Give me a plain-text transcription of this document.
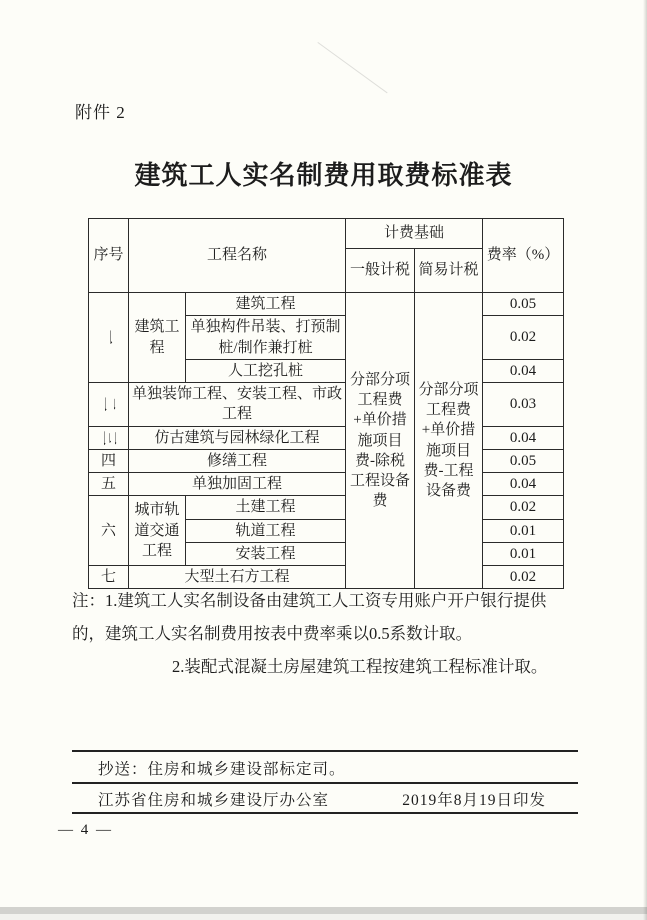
附件 2
建筑工人实名制费用取费标准表
序号	工程名称		计费基础		费率（%）
			一般计税	简易计税	
一	建筑工程	建筑工程	分部分项工程费+单价措施项目费-除税工程设备费	分部分项工程费+单价措施项目费-工程设备费	0.05
		单独构件吊装、打预制桩/制作兼打桩			0.02
		人工挖孔桩			0.04
二	单独装饰工程、安装工程、市政工程				0.03
三	仿古建筑与园林绿化工程				0.04
四	修缮工程				0.05
五	单独加固工程				0.04
六	城市轨道交通工程	土建工程			0.02
		轨道工程			0.01
		安装工程			0.01
七	大型土石方工程				0.02
注：1.建筑工人实名制设备由建筑工人工资专用账户开户银行提供
的，建筑工人实名制费用按表中费率乘以0.5系数计取。
2.装配式混凝土房屋建筑工程按建筑工程标准计取。
抄送：住房和城乡建设部标定司。
江苏省住房和城乡建设厅办公室	2019年8月19日印发
— 4 —
